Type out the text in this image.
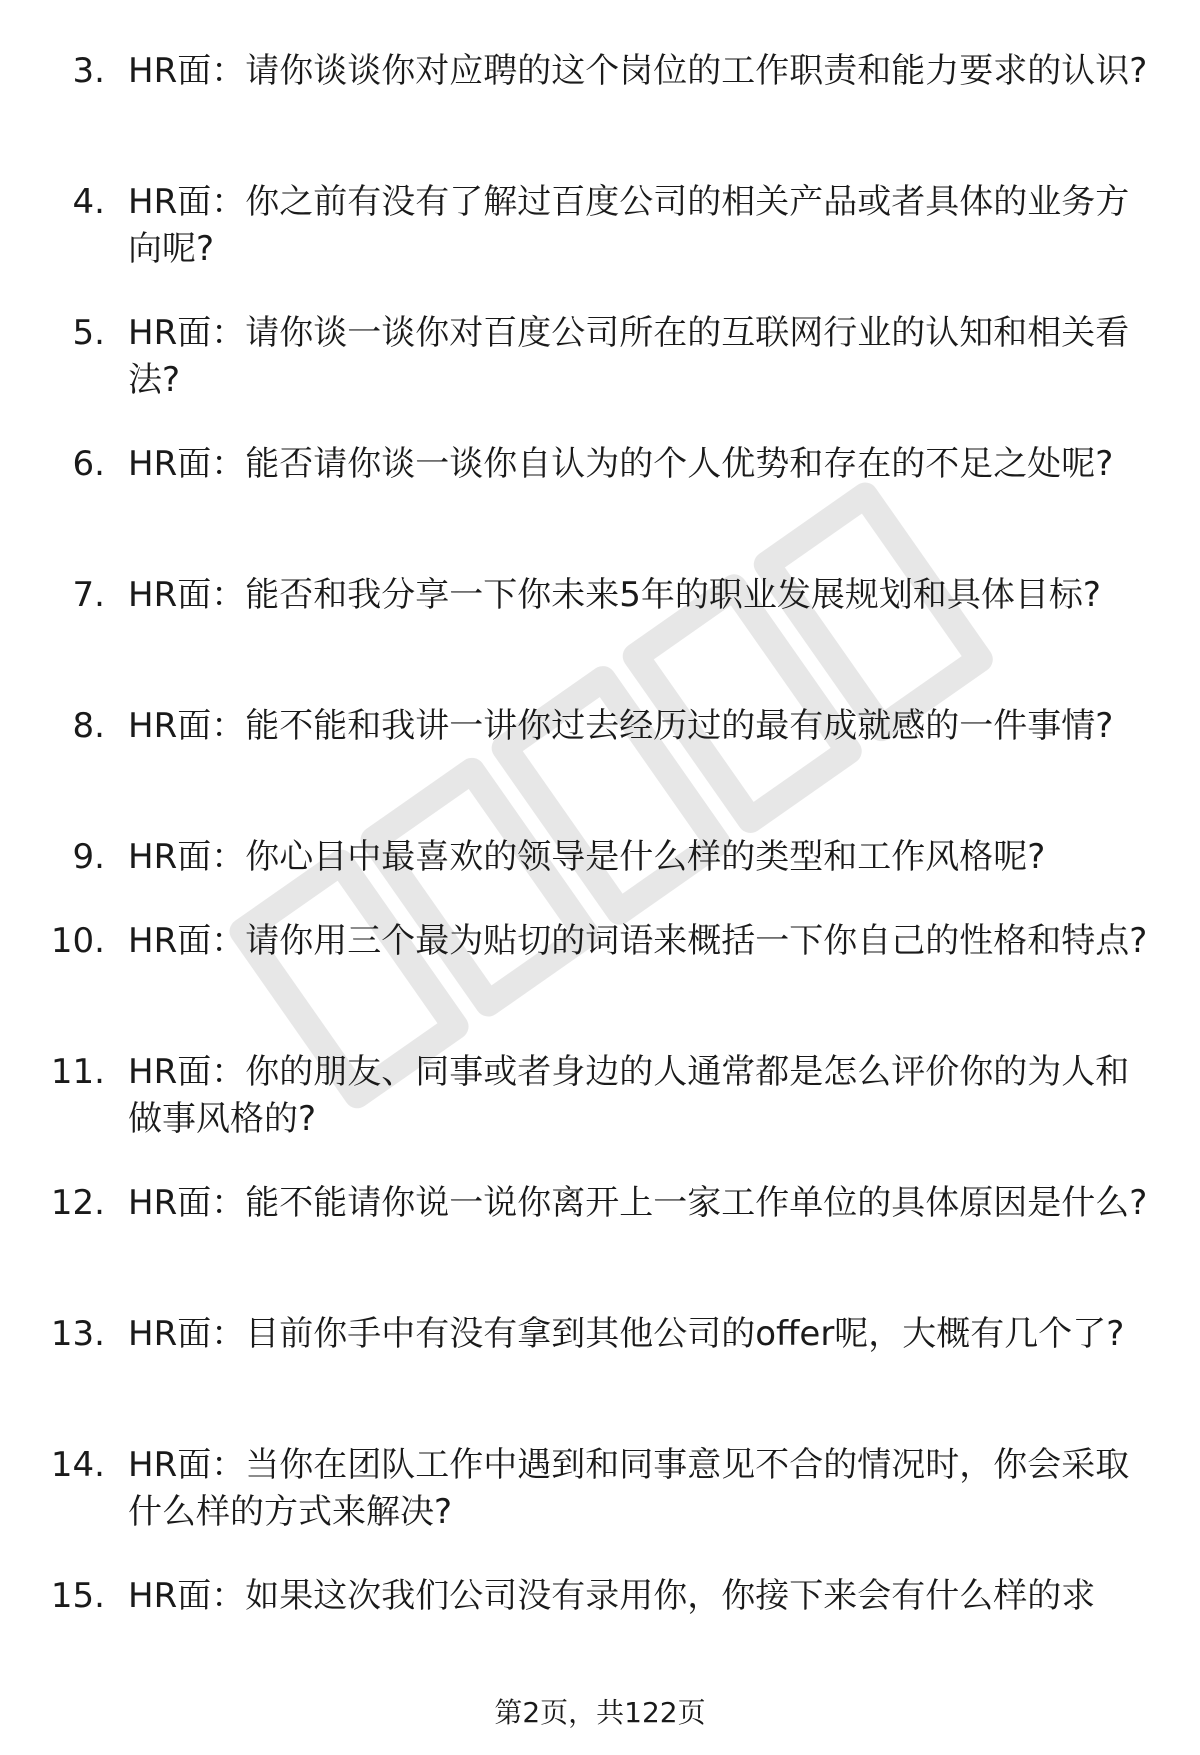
3. HR面：请你谈谈你对应聘的这个岗位的工作职责和能力要求的认识?
4. HR面：你之前有没有了解过百度公司的相关产品或者具体的业务方向呢?
5. HR面：请你谈一谈你对百度公司所在的互联网行业的认知和相关看法?
6. HR面：能否请你谈一谈你自认为的个人优势和存在的不足之处呢?
7. HR面：能否和我分享一下你未来5年的职业发展规划和具体目标?
8. HR面：能不能和我讲一讲你过去经历过的最有成就感的一件事情?
9. HR面：你心目中最喜欢的领导是什么样的类型和工作风格呢?
10. HR面：请你用三个最为贴切的词语来概括一下你自己的性格和特点?
11. HR面：你的朋友、同事或者身边的人通常都是怎么评价你的为人和做事风格的?
12. HR面：能不能请你说一说你离开上一家工作单位的具体原因是什么?
13. HR面：目前你手中有没有拿到其他公司的offer呢，大概有几个了?
14. HR面：当你在团队工作中遇到和同事意见不合的情况时，你会采取什么样的方式来解决?
15. HR面：如果这次我们公司没有录用你，你接下来会有什么样的求
第2页，共122页
